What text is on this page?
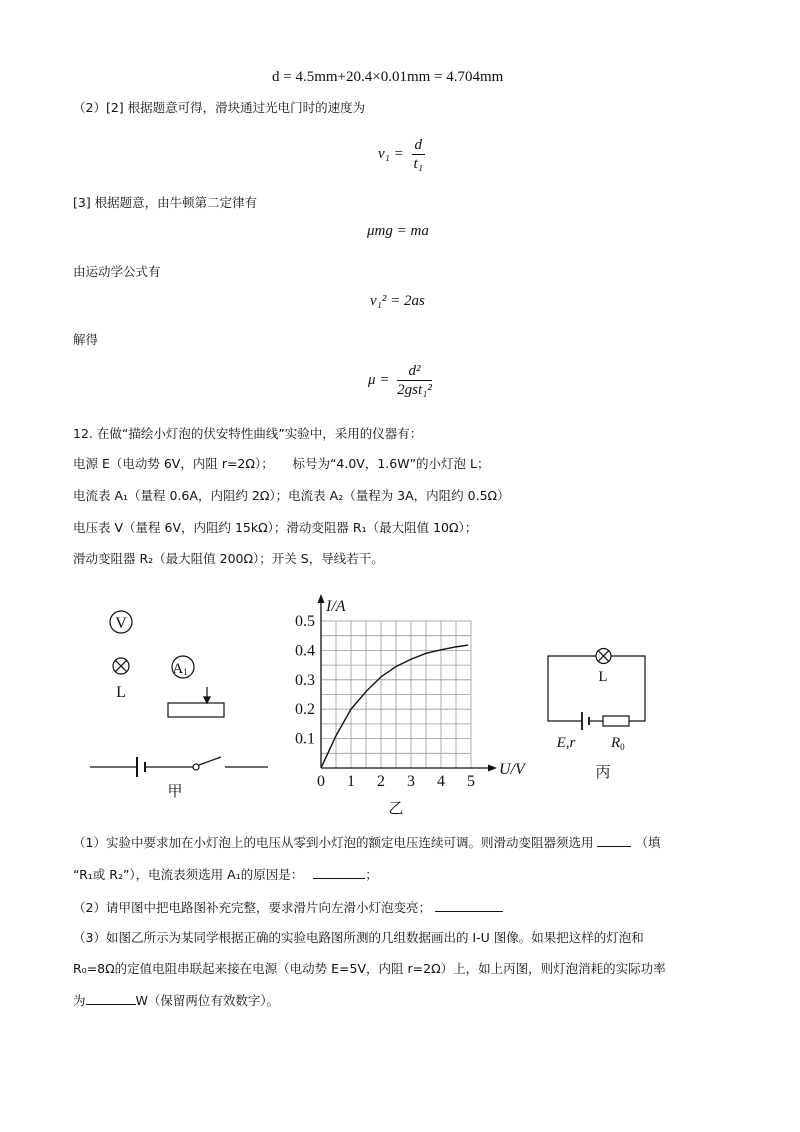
d = 4.5mm+20.4×0.01mm = 4.704mm
（2）[2] 根据题意可得，滑块通过光电门时的速度为
$v_1 = \frac{d}{\text{t₁}}$
[3] 根据题意，由牛顿第二定律有
μmg = ma
由运动学公式有
v₁² = 2as
解得
$\mu = \frac{\text{d²}}{\text{2gst₁²}}$
12. 在做“描绘小灯泡的伏安特性曲线”实验中，采用的仪器有：
电源 E（电动势 6V，内阻 r=2Ω）；　　标号为“4.0V，1.6W”的小灯泡 L；
电流表 A₁（量程 0.6A，内阻约 2Ω）；电流表 A₂（量程为 3A，内阻约 0.5Ω）
电压表 V（量程 6V，内阻约 15kΩ）；滑动变阻器 R₁（最大阻值 10Ω）；
滑动变阻器 R₂（最大阻值 200Ω）；开关 S，导线若干。
V
L
A1
甲
0 1 2 3 4 5
0.1
0.2
0.3
0.4
0.5
U/V
I/A
乙
L
E,r $R_0$
丙
（1）实验中要求加在小灯泡上的电压从零到小灯泡的额定电压连续可调。则滑动变阻器须选用	（填
“R₁或 R₂”），电流表须选用 A₁的原因是：	；
（2）请甲图中把电路图补充完整，要求滑片向左滑小灯泡变亮；
（3）如图乙所示为某同学根据正确的实验电路图所测的几组数据画出的 I-U 图像。如果把这样的灯泡和
R₀=8Ω的定值电阻串联起来接在电源（电动势 E=5V，内阻 r=2Ω）上，如上丙图，则灯泡消耗的实际功率
为	W（保留两位有效数字）。
